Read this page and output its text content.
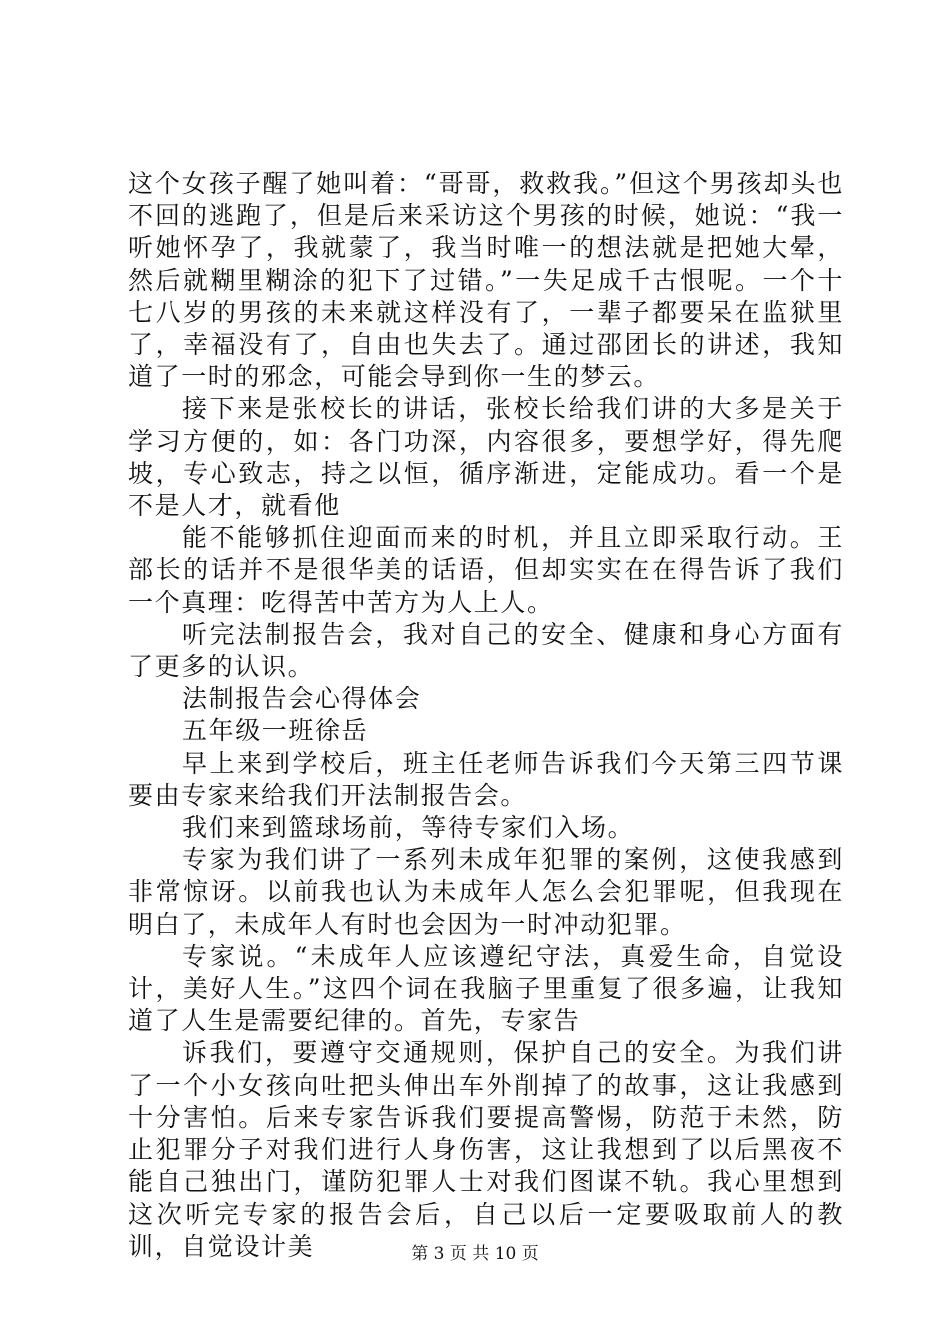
这个女孩子醒了她叫着：“哥哥，救救我。”但这个男孩却头也不回的逃跑了，但是后来采访这个男孩的时候，她说：“我一听她怀孕了，我就蒙了，我当时唯一的想法就是把她大晕，然后就糊里糊涂的犯下了过错。”一失足成千古恨呢。一个十七八岁的男孩的未来就这样没有了，一辈子都要呆在监狱里了，幸福没有了，自由也失去了。通过邵团长的讲述，我知道了一时的邪念，可能会导到你一生的梦云。

接下来是张校长的讲话，张校长给我们讲的大多是关于学习方便的，如：各门功深，内容很多，要想学好，得先爬坡，专心致志，持之以恒，循序渐进，定能成功。看一个是不是人才，就看他

能不能够抓住迎面而来的时机，并且立即采取行动。王部长的话并不是很华美的话语，但却实实在在得告诉了我们一个真理：吃得苦中苦方为人上人。

听完法制报告会，我对自己的安全、健康和身心方面有了更多的认识。

法制报告会心得体会

五年级一班徐岳

早上来到学校后，班主任老师告诉我们今天第三四节课要由专家来给我们开法制报告会。

我们来到篮球场前，等待专家们入场。

专家为我们讲了一系列未成年犯罪的案例，这使我感到非常惊讶。以前我也认为未成年人怎么会犯罪呢，但我现在明白了，未成年人有时也会因为一时冲动犯罪。

专家说。“未成年人应该遵纪守法，真爱生命，自觉设计，美好人生。”这四个词在我脑子里重复了很多遍，让我知道了人生是需要纪律的。首先，专家告

诉我们，要遵守交通规则，保护自己的安全。为我们讲了一个小女孩向吐把头伸出车外削掉了的故事，这让我感到十分害怕。后来专家告诉我们要提高警惕，防范于未然，防止犯罪分子对我们进行人身伤害，这让我想到了以后黑夜不能自己独出门，谨防犯罪人士对我们图谋不轨。我心里想到这次听完专家的报告会后，自己以后一定要吸取前人的教训，自觉设计美	第 3 页 共 10 页
